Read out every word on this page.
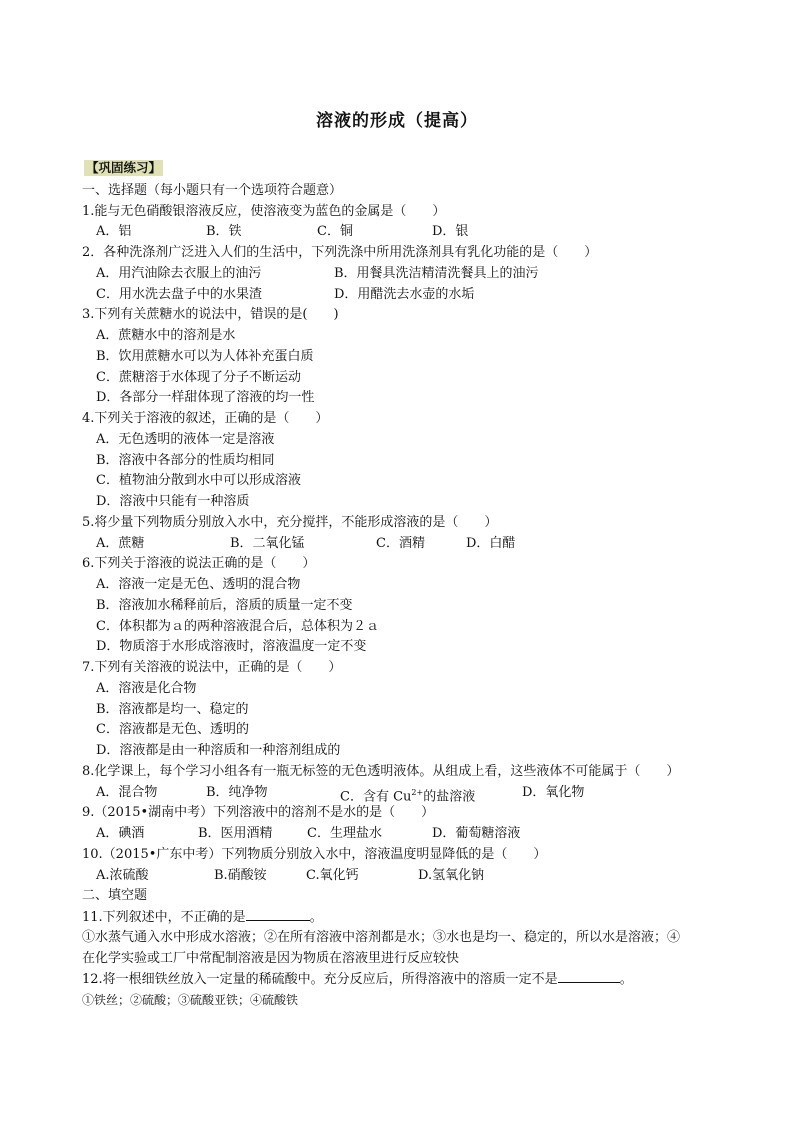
溶液的形成（提高）
【巩固练习】
一、选择题（每小题只有一个选项符合题意）
1.能与无色硝酸银溶液反应，使溶液变为蓝色的金属是（　　）
A．铝	B．铁	C．铜	D．银
2．各种洗涤剂广泛进入人们的生活中，下列洗涤中所用洗涤剂具有乳化功能的是（　　）
A．用汽油除去衣服上的油污	B．用餐具洗洁精清洗餐具上的油污
C．用水洗去盘子中的水果渣	D．用醋洗去水壶的水垢
3.下列有关蔗糖水的说法中，错误的是(　　)
A．蔗糖水中的溶剂是水
B．饮用蔗糖水可以为人体补充蛋白质
C．蔗糖溶于水体现了分子不断运动
D．各部分一样甜体现了溶液的均一性
4.下列关于溶液的叙述，正确的是（　　）
A．无色透明的液体一定是溶液
B．溶液中各部分的性质均相同
C．植物油分散到水中可以形成溶液
D．溶液中只能有一种溶质
5.将少量下列物质分别放入水中，充分搅拌，不能形成溶液的是（　　）
A．蔗糖	B．二氧化锰	C．酒精	D．白醋
6.下列关于溶液的说法正确的是（　　）
A．溶液一定是无色、透明的混合物
B．溶液加水稀释前后，溶质的质量一定不变
C．体积都为ａ的两种溶液混合后，总体积为２ａ
D．物质溶于水形成溶液时，溶液温度一定不变
7.下列有关溶液的说法中，正确的是（　　）
A．溶液是化合物
B．溶液都是均一、稳定的
C．溶液都是无色、透明的
D．溶液都是由一种溶质和一种溶剂组成的
8.化学课上，每个学习小组各有一瓶无标签的无色透明液体。从组成上看，这些液体不可能属于（　　）
A．混合物	B．纯净物	C．含有 $Cu^{2+}$的盐溶液	D．氧化物
9.（2015•湖南中考）下列溶液中的溶剂不是水的是（　　）
A．碘酒	B．医用酒精	C．生理盐水	D．葡萄糖溶液
10.（2015•广东中考）下列物质分别放入水中，溶液温度明显降低的是（　　）
A.浓硫酸	B.硝酸铵	C.氧化钙	D.氢氧化钠
二、填空题
11.下列叙述中，不正确的是	。
①水蒸气通入水中形成水溶液；②在所有溶液中溶剂都是水；③水也是均一、稳定的，所以水是溶液；④
在化学实验或工厂中常配制溶液是因为物质在溶液里进行反应较快
12.将一根细铁丝放入一定量的稀硫酸中。充分反应后，所得溶液中的溶质一定不是	。
①铁丝；②硫酸；③硫酸亚铁；④硫酸铁
